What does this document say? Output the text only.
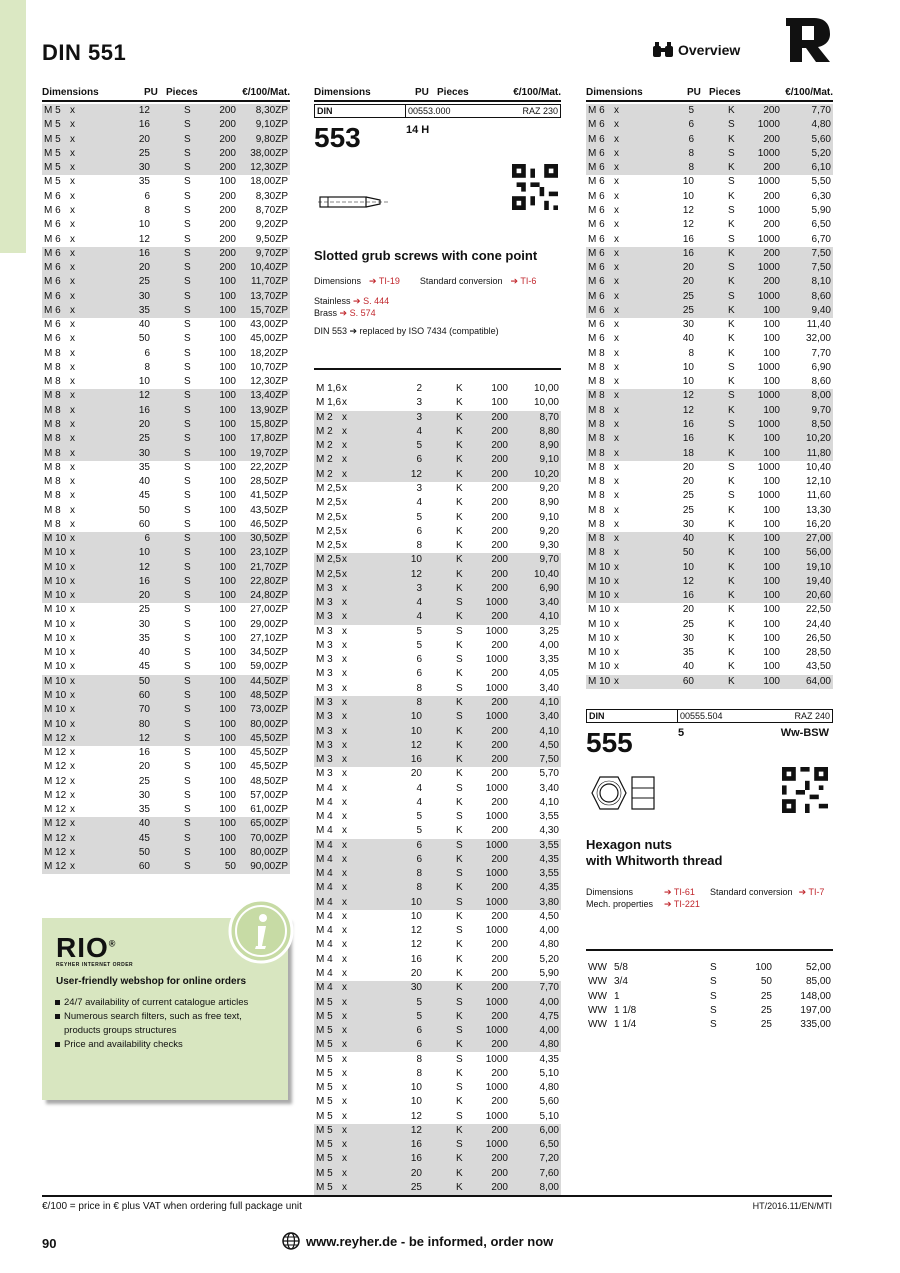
DIN 551	Overview
Dimensions	PU Pieces	€/100/Mat.
M 5	x	12	S	200	8,30ZP
M 5	x	16	S	200	9,10ZP
M 5	x	20	S	200	9,80ZP
M 5	x	25	S	200	38,00ZP
M 5	x	30	S	200	12,30ZP
M 5	x	35	S	100	18,00ZP
M 6	x	6	S	200	8,30ZP
M 6	x	8	S	200	8,70ZP
M 6	x	10	S	200	9,20ZP
M 6	x	12	S	200	9,50ZP
M 6	x	16	S	200	9,70ZP
M 6	x	20	S	200	10,40ZP
M 6	x	25	S	100	11,70ZP
M 6	x	30	S	100	13,70ZP
M 6	x	35	S	100	15,70ZP
M 6	x	40	S	100	43,00ZP
M 6	x	50	S	100	45,00ZP
M 8	x	6	S	100	18,20ZP
M 8	x	8	S	100	10,70ZP
M 8	x	10	S	100	12,30ZP
M 8	x	12	S	100	13,40ZP
M 8	x	16	S	100	13,90ZP
M 8	x	20	S	100	15,80ZP
M 8	x	25	S	100	17,80ZP
M 8	x	30	S	100	19,70ZP
M 8	x	35	S	100	22,20ZP
M 8	x	40	S	100	28,50ZP
M 8	x	45	S	100	41,50ZP
M 8	x	50	S	100	43,50ZP
M 8	x	60	S	100	46,50ZP
M 10	x	6	S	100	30,50ZP
M 10	x	10	S	100	23,10ZP
M 10	x	12	S	100	21,70ZP
M 10	x	16	S	100	22,80ZP
M 10	x	20	S	100	24,80ZP
M 10	x	25	S	100	27,00ZP
M 10	x	30	S	100	29,00ZP
M 10	x	35	S	100	27,10ZP
M 10	x	40	S	100	34,50ZP
M 10	x	45	S	100	59,00ZP
M 10	x	50	S	100	44,50ZP
M 10	x	60	S	100	48,50ZP
M 10	x	70	S	100	73,00ZP
M 10	x	80	S	100	80,00ZP
M 12	x	12	S	100	45,50ZP
M 12	x	16	S	100	45,50ZP
M 12	x	20	S	100	45,50ZP
M 12	x	25	S	100	48,50ZP
M 12	x	30	S	100	57,00ZP
M 12	x	35	S	100	61,00ZP
M 12	x	40	S	100	65,00ZP
M 12	x	45	S	100	70,00ZP
M 12	x	50	S	100	80,00ZP
M 12	x	60	S	50	90,00ZP
RIO®
REYHER INTERNET ORDER
User-friendly webshop for online orders
24/7 availability of current catalogue articles
Numerous search filters, such as free text, products groups structures
Price and availability checks
Dimensions	PU Pieces	€/100/Mat.
DIN	00553.000	RAZ 230
553	14 H
Slotted grub screws with cone point
Dimensions ➔ TI-19 Standard conversion ➔ TI-6
Stainless ➔ S. 444
Brass ➔ S. 574
DIN 553 ➔ replaced by ISO 7434 (compatible)
M 1,6	x	2	K	100	10,00
M 1,6	x	3	K	100	10,00
M 2	x	3	K	200	8,70
M 2	x	4	K	200	8,80
M 2	x	5	K	200	8,90
M 2	x	6	K	200	9,10
M 2	x	12	K	200	10,20
M 2,5	x	3	K	200	9,20
M 2,5	x	4	K	200	8,90
M 2,5	x	5	K	200	9,10
M 2,5	x	6	K	200	9,20
M 2,5	x	8	K	200	9,30
M 2,5	x	10	K	200	9,70
M 2,5	x	12	K	200	10,40
M 3	x	3	K	200	6,90
M 3	x	4	S	1000	3,40
M 3	x	4	K	200	4,10
M 3	x	5	S	1000	3,25
M 3	x	5	K	200	4,00
M 3	x	6	S	1000	3,35
M 3	x	6	K	200	4,05
M 3	x	8	S	1000	3,40
M 3	x	8	K	200	4,10
M 3	x	10	S	1000	3,40
M 3	x	10	K	200	4,10
M 3	x	12	K	200	4,50
M 3	x	16	K	200	7,50
M 3	x	20	K	200	5,70
M 4	x	4	S	1000	3,40
M 4	x	4	K	200	4,10
M 4	x	5	S	1000	3,55
M 4	x	5	K	200	4,30
M 4	x	6	S	1000	3,55
M 4	x	6	K	200	4,35
M 4	x	8	S	1000	3,55
M 4	x	8	K	200	4,35
M 4	x	10	S	1000	3,80
M 4	x	10	K	200	4,50
M 4	x	12	S	1000	4,00
M 4	x	12	K	200	4,80
M 4	x	16	K	200	5,20
M 4	x	20	K	200	5,90
M 4	x	30	K	200	7,70
M 5	x	5	S	1000	4,00
M 5	x	5	K	200	4,75
M 5	x	6	S	1000	4,00
M 5	x	6	K	200	4,80
M 5	x	8	S	1000	4,35
M 5	x	8	K	200	5,10
M 5	x	10	S	1000	4,80
M 5	x	10	K	200	5,60
M 5	x	12	S	1000	5,10
M 5	x	12	K	200	6,00
M 5	x	16	S	1000	6,50
M 5	x	16	K	200	7,20
M 5	x	20	K	200	7,60
M 5	x	25	K	200	8,00
Dimensions	PU Pieces	€/100/Mat.
M 6	x	5	K	200	7,70
M 6	x	6	S	1000	4,80
M 6	x	6	K	200	5,60
M 6	x	8	S	1000	5,20
M 6	x	8	K	200	6,10
M 6	x	10	S	1000	5,50
M 6	x	10	K	200	6,30
M 6	x	12	S	1000	5,90
M 6	x	12	K	200	6,50
M 6	x	16	S	1000	6,70
M 6	x	16	K	200	7,50
M 6	x	20	S	1000	7,50
M 6	x	20	K	200	8,10
M 6	x	25	S	1000	8,60
M 6	x	25	K	100	9,40
M 6	x	30	K	100	11,40
M 6	x	40	K	100	32,00
M 8	x	8	K	100	7,70
M 8	x	10	S	1000	6,90
M 8	x	10	K	100	8,60
M 8	x	12	S	1000	8,00
M 8	x	12	K	100	9,70
M 8	x	16	S	1000	8,50
M 8	x	16	K	100	10,20
M 8	x	18	K	100	11,80
M 8	x	20	S	1000	10,40
M 8	x	20	K	100	12,10
M 8	x	25	S	1000	11,60
M 8	x	25	K	100	13,30
M 8	x	30	K	100	16,20
M 8	x	40	K	100	27,00
M 8	x	50	K	100	56,00
M 10	x	10	K	100	19,10
M 10	x	12	K	100	19,40
M 10	x	16	K	100	20,60
M 10	x	20	K	100	22,50
M 10	x	25	K	100	24,40
M 10	x	30	K	100	26,50
M 10	x	35	K	100	28,50
M 10	x	40	K	100	43,50
M 10	x	60	K	100	64,00
DIN	00555.504	RAZ 240
555	5	Ww-BSW
Hexagon nuts
with Whitworth thread
Dimensions	➔ TI-61	Standard conversion ➔ TI-7
Mech. properties	➔ TI-221
WW	5/8	S	100	52,00
WW	3/4	S	50	85,00
WW	1	S	25	148,00
WW	1 1/8	S	25	197,00
WW	1 1/4	S	25	335,00
€/100 = price in € plus VAT when ordering full package unit	HT/2016.11/EN/MTI
90	www.reyher.de - be informed, order now
